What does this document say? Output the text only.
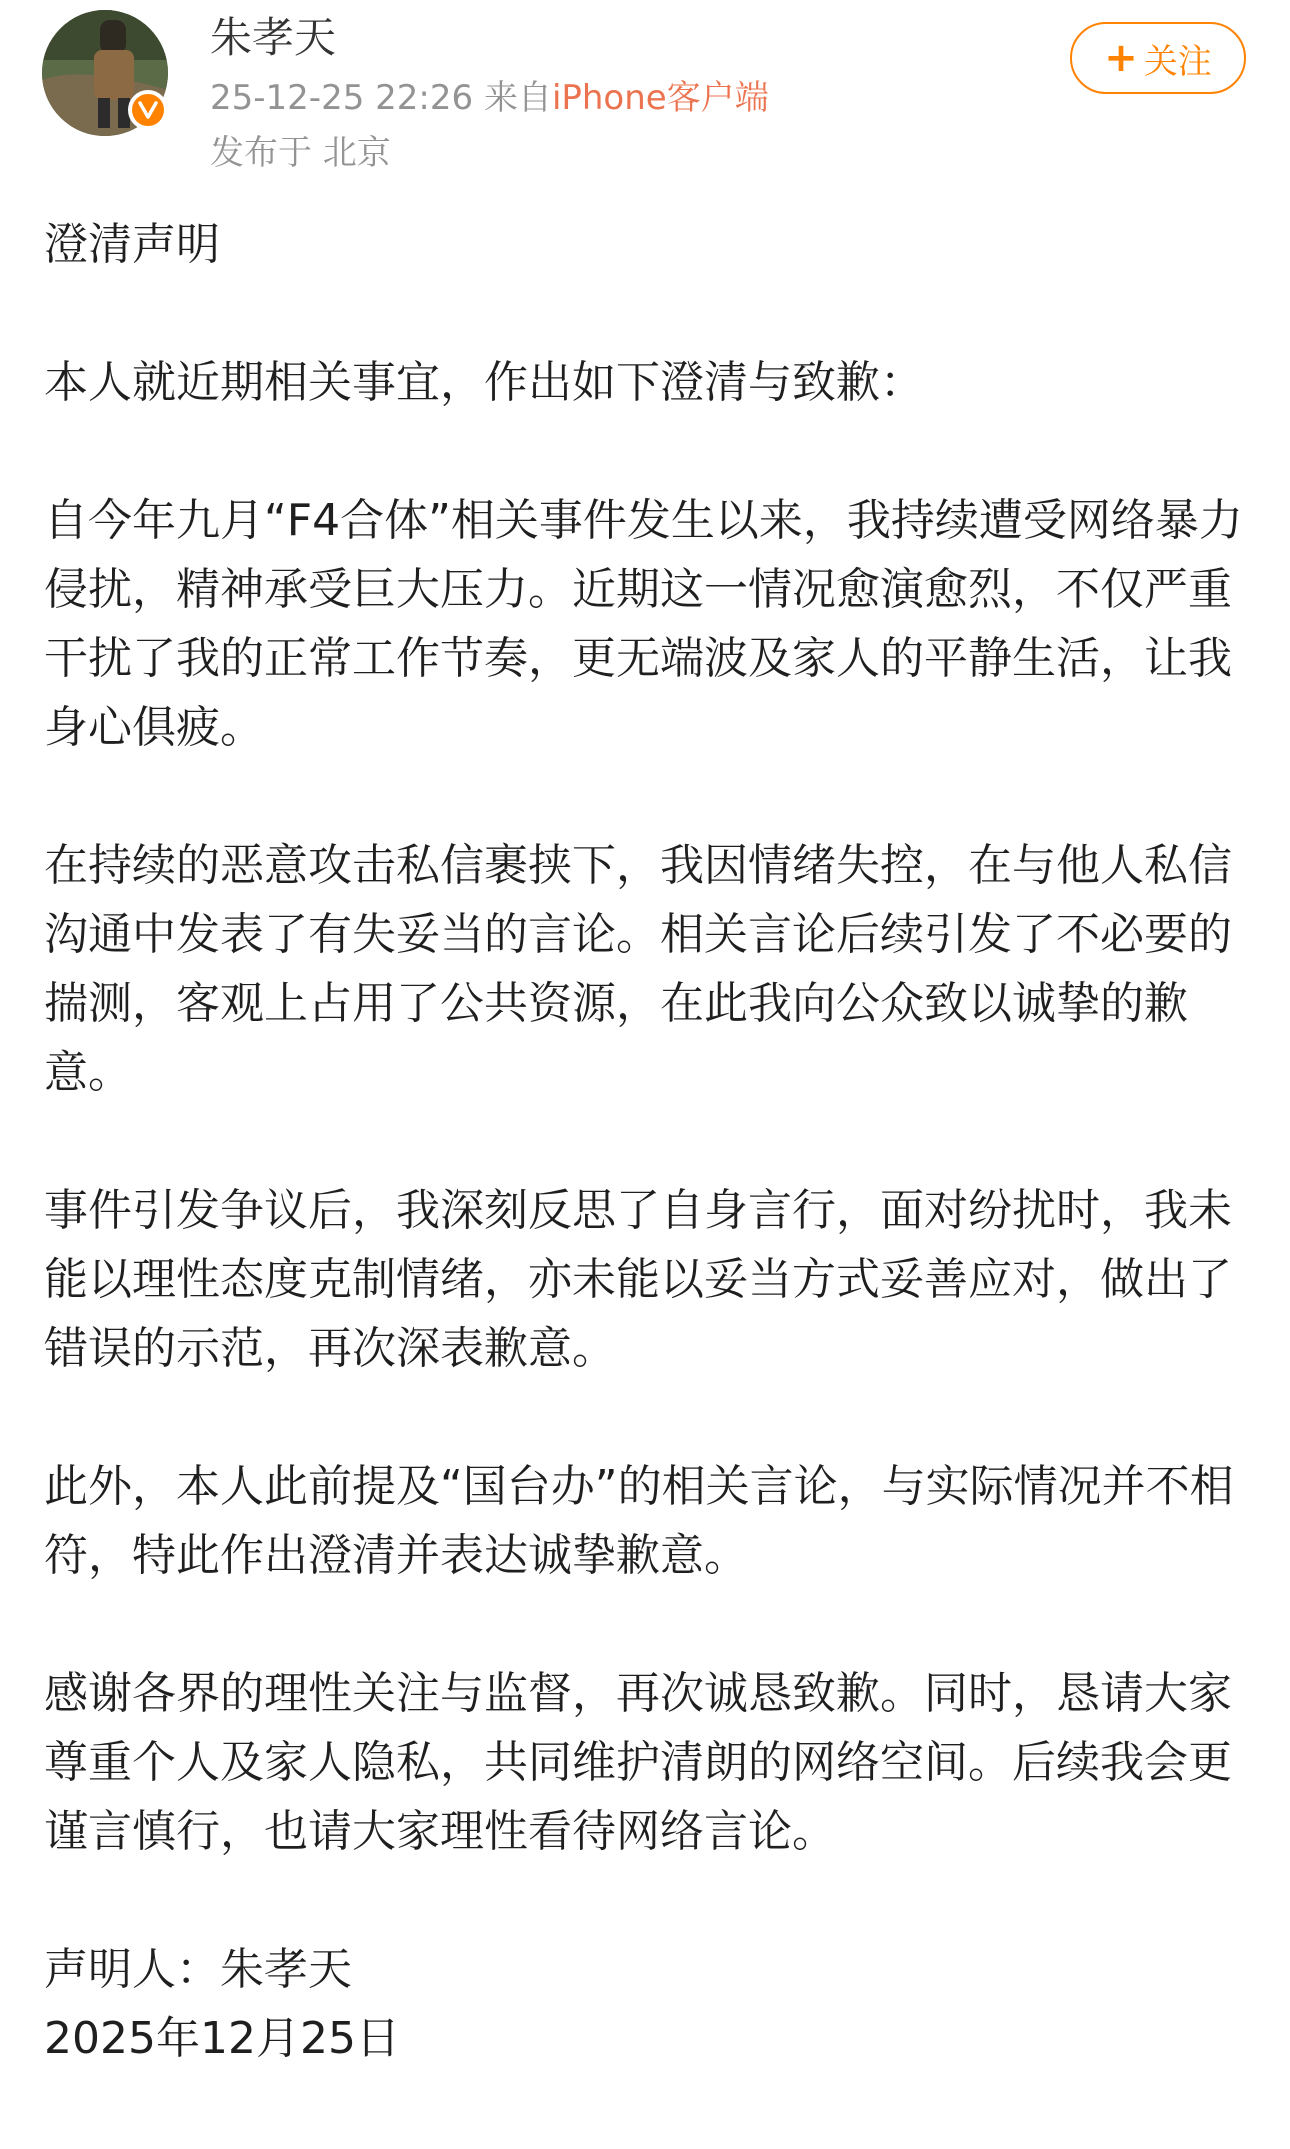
朱孝天
25-12-25 22:26 来自iPhone客户端
发布于 北京
+ 关注
澄清声明

本人就近期相关事宜，作出如下澄清与致歉：

自今年九月“F4合体”相关事件发生以来，我持续遭受网络暴力侵扰，精神承受巨大压力。近期这一情况愈演愈烈，不仅严重干扰了我的正常工作节奏，更无端波及家人的平静生活，让我身心俱疲。

在持续的恶意攻击私信裹挟下，我因情绪失控，在与他人私信沟通中发表了有失妥当的言论。相关言论后续引发了不必要的揣测，客观上占用了公共资源，在此我向公众致以诚挚的歉意。

事件引发争议后，我深刻反思了自身言行，面对纷扰时，我未能以理性态度克制情绪，亦未能以妥当方式妥善应对，做出了错误的示范，再次深表歉意。

此外，本人此前提及“国台办”的相关言论，与实际情况并不相符，特此作出澄清并表达诚挚歉意。

感谢各界的理性关注与监督，再次诚恳致歉。同时，恳请大家尊重个人及家人隐私，共同维护清朗的网络空间。后续我会更谨言慎行，也请大家理性看待网络言论。

声明人：朱孝天
2025年12月25日
